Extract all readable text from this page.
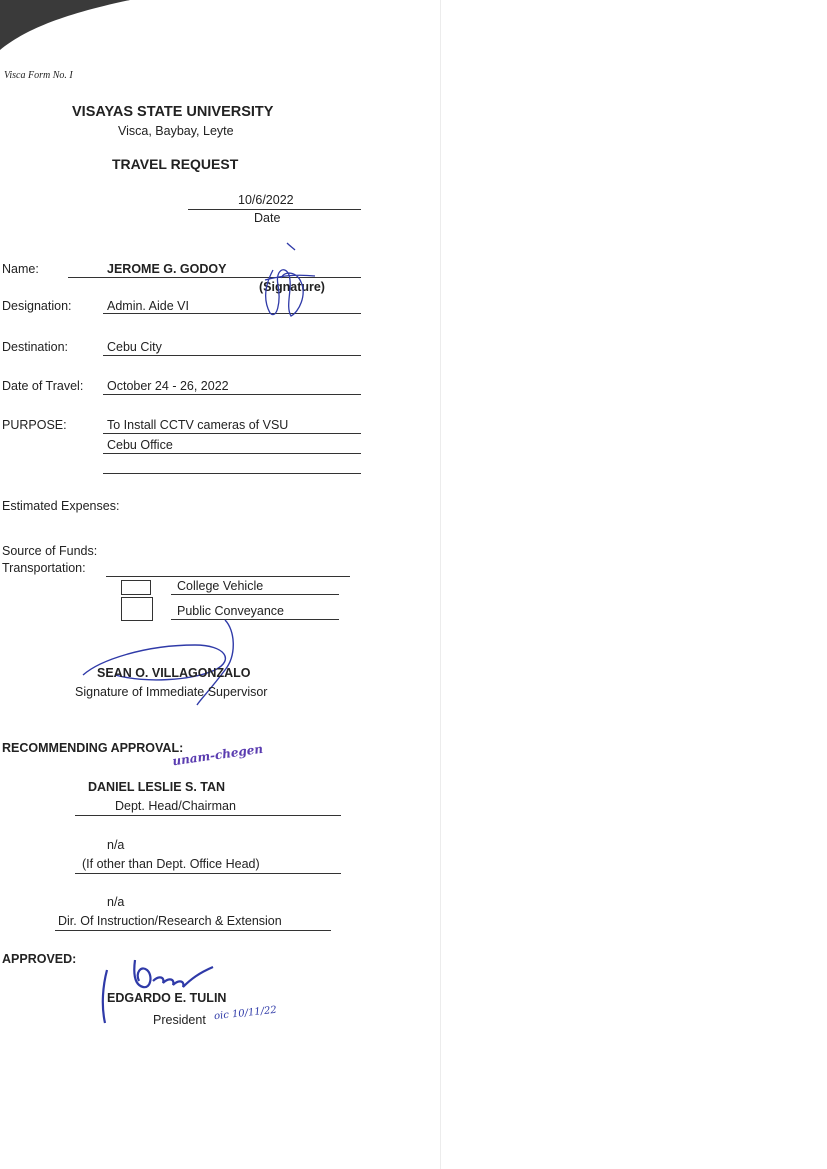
Visca Form No. I
VISAYAS STATE UNIVERSITY
Visca, Baybay, Leyte
TRAVEL REQUEST
10/6/2022
Date
Name:	JEROME G. GODOY
(Signature)
Designation:	Admin. Aide VI
Destination:	Cebu City
Date of Travel: October 24 - 26, 2022
PURPOSE:	To Install CCTV cameras of VSU
Cebu Office
Estimated Expenses:
Source of Funds:
Transportation:
College Vehicle
Public Conveyance
SEAN O. VILLAGONZALO
Signature of Immediate Supervisor
RECOMMENDING APPROVAL:
unam-chegen
DANIEL LESLIE S. TAN
Dept. Head/Chairman
n/a
(If other than Dept. Office Head)
n/a
Dir. Of Instruction/Research & Extension
APPROVED:
EDGARDO E. TULIN
President oic 10/11/22
